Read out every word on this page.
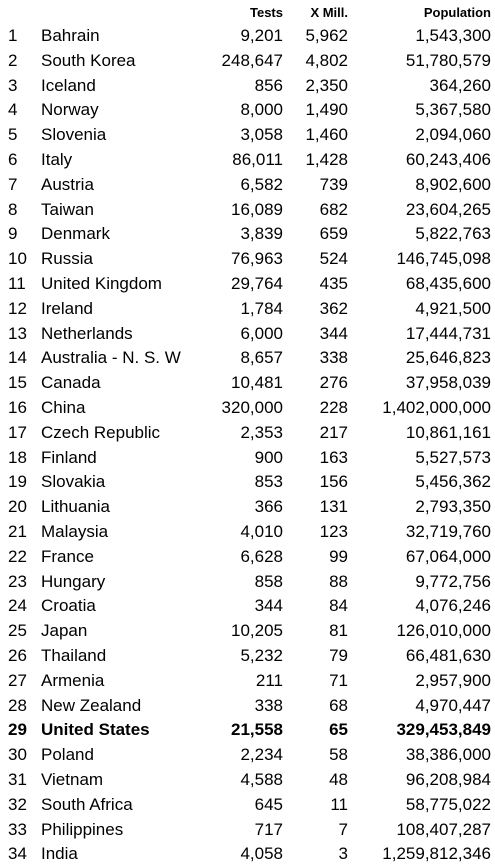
Tests X Mill.	Population
1 Bahrain	9,201 5,962	1,543,300
2 South Korea	248,647 4,802	51,780,579
3 Iceland	856 2,350	364,260
4 Norway	8,000 1,490	5,367,580
5 Slovenia	3,058 1,460	2,094,060
6 Italy	86,011 1,428	60,243,406
7 Austria	6,582 739	8,902,600
8 Taiwan	16,089 682	23,604,265
9 Denmark	3,839 659	5,822,763
10 Russia	76,963 524	146,745,098
11 United Kingdom	29,764 435	68,435,600
12 Ireland	1,784 362	4,921,500
13 Netherlands	6,000 344	17,444,731
14 Australia - N. S. W	8,657 338	25,646,823
15 Canada	10,481 276	37,958,039
16 China	320,000 228 1,402,000,000
17 Czech Republic	2,353 217	10,861,161
18 Finland	900 163	5,527,573
19 Slovakia	853 156	5,456,362
20 Lithuania	366 131	2,793,350
21 Malaysia	4,010 123	32,719,760
22 France	6,628	99	67,064,000
23 Hungary	858	88	9,772,756
24 Croatia	344	84	4,076,246
25 Japan	10,205	81	126,010,000
26 Thailand	5,232	79	66,481,630
27 Armenia	211	71	2,957,900
28 New Zealand	338	68	4,970,447
29 United States	21,558	65	329,453,849
30 Poland	2,234	58	38,386,000
31 Vietnam	4,588	48	96,208,984
32 South Africa	645	11	58,775,022
33 Philippines	717	7	108,407,287
34 India	4,058	3 1,259,812,346
